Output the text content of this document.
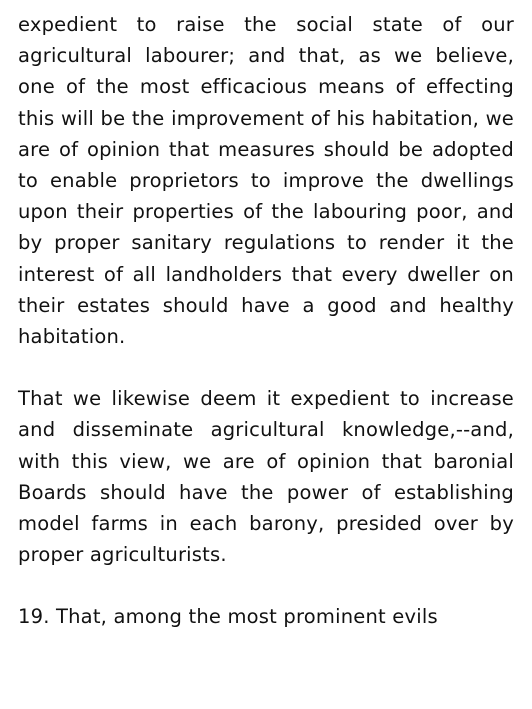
expedient to raise the social state of our agricultural labourer; and that, as we believe, one of the most efficacious means of effecting this will be the improvement of his habitation, we are of opinion that measures should be adopted to enable proprietors to improve the dwellings upon their properties of the labouring poor, and by proper sanitary regulations to render it the interest of all landholders that every dweller on their estates should have a good and healthy habitation.

That we likewise deem it expedient to increase and disseminate agricultural knowledge,--and, with this view, we are of opinion that baronial Boards should have the power of establishing model farms in each barony, presided over by proper agriculturists.

19. That, among the most prominent evils
